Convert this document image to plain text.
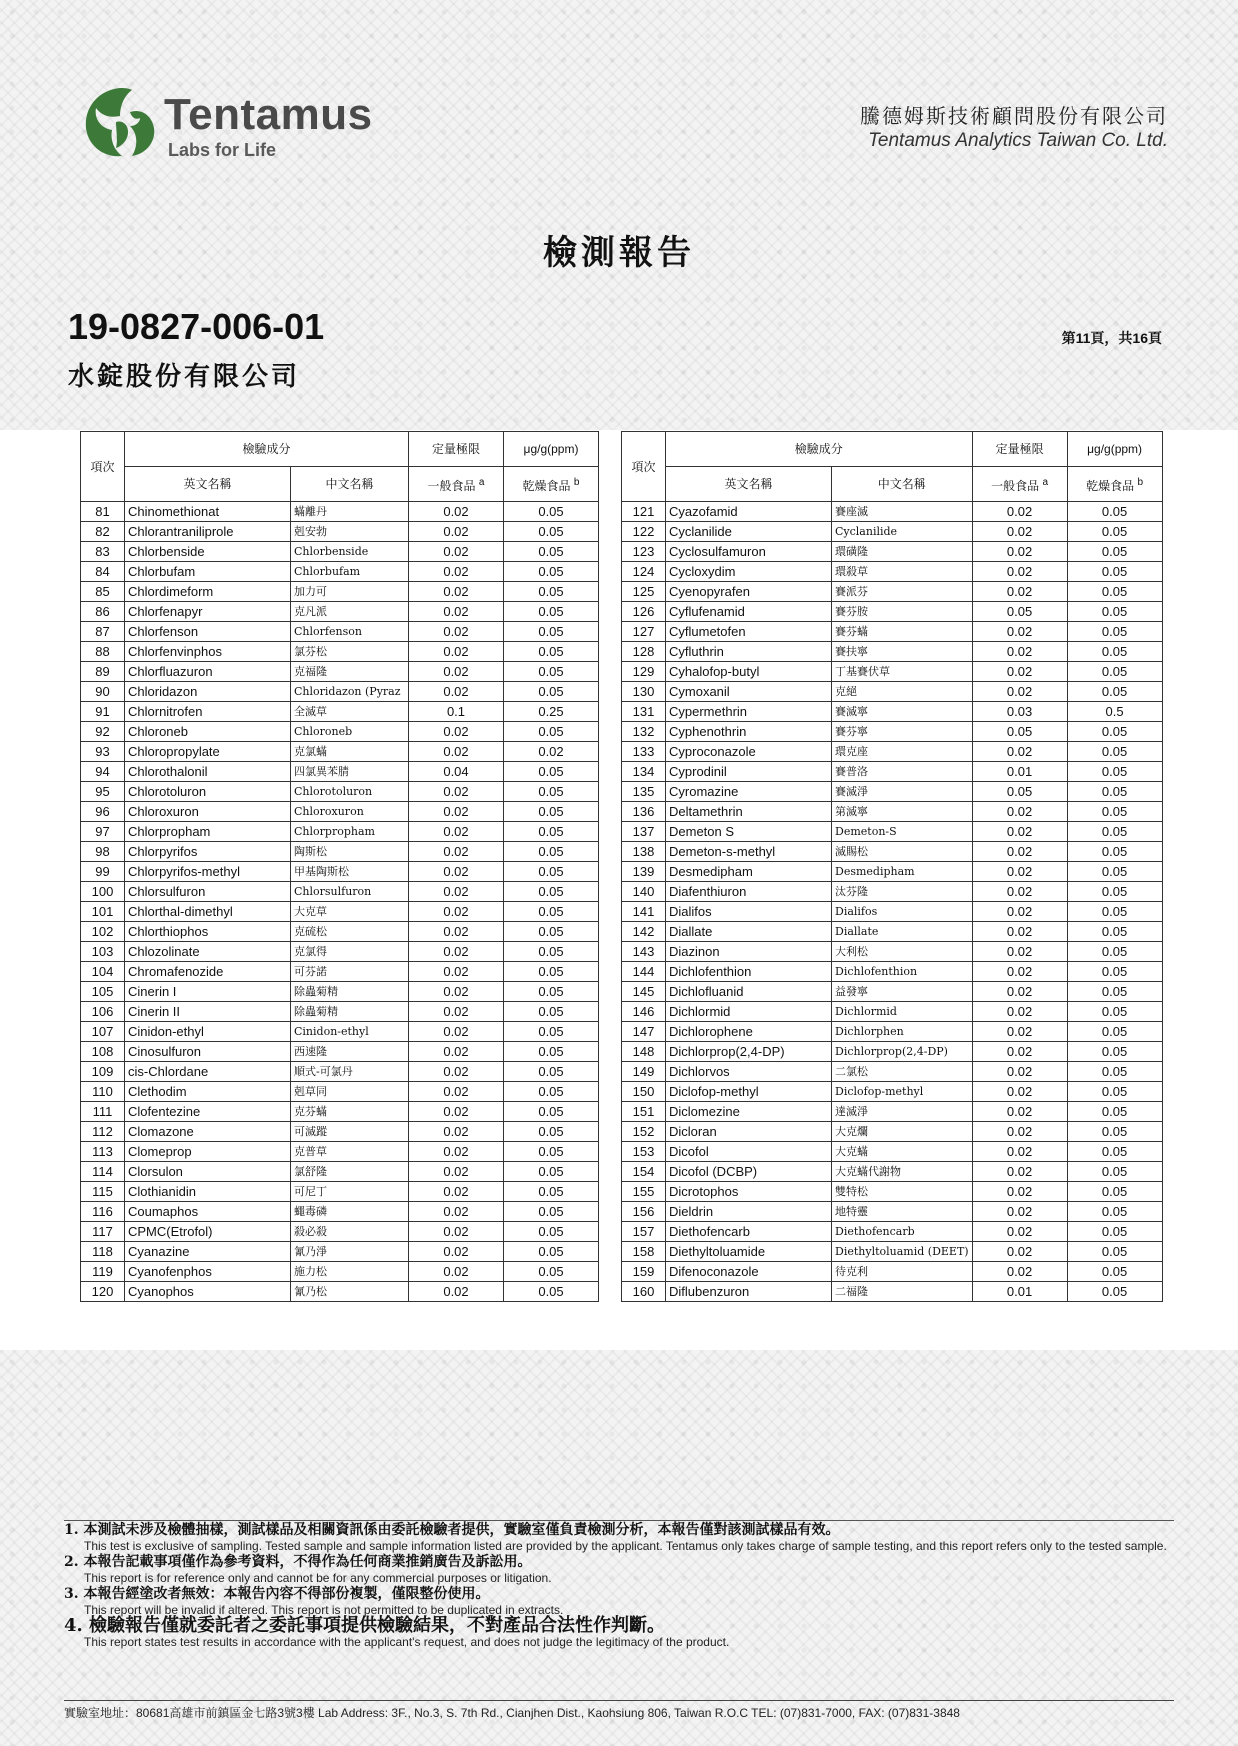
Tentamus
Labs for Life
騰德姆斯技術顧問股份有限公司
Tentamus Analytics Taiwan Co. Ltd.
檢測報告
19-0827-006-01
水錠股份有限公司
第11頁，共16頁
項次	檢驗成分		定量極限	μg/g(ppm)
	英文名稱	中文名稱	一般食品 $^a$	乾燥食品 $^b$
81	Chinomethionat	蟎離丹	0.02	0.05
82	Chlorantraniliprole	剋安勃	0.02	0.05
83	Chlorbenside	Chlorbenside	0.02	0.05
84	Chlorbufam	Chlorbufam	0.02	0.05
85	Chlordimeform	加力可	0.02	0.05
86	Chlorfenapyr	克凡派	0.02	0.05
87	Chlorfenson	Chlorfenson	0.02	0.05
88	Chlorfenvinphos	氯芬松	0.02	0.05
89	Chlorfluazuron	克福隆	0.02	0.05
90	Chloridazon	Chloridazon (Pyraz	0.02	0.05
91	Chlornitrofen	全滅草	0.1	0.25
92	Chloroneb	Chloroneb	0.02	0.05
93	Chloropropylate	克氯蟎	0.02	0.02
94	Chlorothalonil	四氯異苯腈	0.04	0.05
95	Chlorotoluron	Chlorotoluron	0.02	0.05
96	Chloroxuron	Chloroxuron	0.02	0.05
97	Chlorpropham	Chlorpropham	0.02	0.05
98	Chlorpyrifos	陶斯松	0.02	0.05
99	Chlorpyrifos-methyl	甲基陶斯松	0.02	0.05
100	Chlorsulfuron	Chlorsulfuron	0.02	0.05
101	Chlorthal-dimethyl	大克草	0.02	0.05
102	Chlorthiophos	克硫松	0.02	0.05
103	Chlozolinate	克氯得	0.02	0.05
104	Chromafenozide	可芬諾	0.02	0.05
105	Cinerin I	除蟲菊精	0.02	0.05
106	Cinerin II	除蟲菊精	0.02	0.05
107	Cinidon-ethyl	Cinidon-ethyl	0.02	0.05
108	Cinosulfuron	西速隆	0.02	0.05
109	cis-Chlordane	順式-可氯丹	0.02	0.05
110	Clethodim	剋草同	0.02	0.05
111	Clofentezine	克芬蟎	0.02	0.05
112	Clomazone	可滅蹤	0.02	0.05
113	Clomeprop	克普草	0.02	0.05
114	Clorsulon	氯舒隆	0.02	0.05
115	Clothianidin	可尼丁	0.02	0.05
116	Coumaphos	蠅毒磷	0.02	0.05
117	CPMC(Etrofol)	殺必殺	0.02	0.05
118	Cyanazine	氰乃淨	0.02	0.05
119	Cyanofenphos	施力松	0.02	0.05
120	Cyanophos	氰乃松	0.02	0.05
項次	檢驗成分		定量極限	μg/g(ppm)
	英文名稱	中文名稱	一般食品 $^a$	乾燥食品 $^b$
121	Cyazofamid	賽座滅	0.02	0.05
122	Cyclanilide	Cyclanilide	0.02	0.05
123	Cyclosulfamuron	環磺隆	0.02	0.05
124	Cycloxydim	環殺草	0.02	0.05
125	Cyenopyrafen	賽派芬	0.02	0.05
126	Cyflufenamid	賽芬胺	0.05	0.05
127	Cyflumetofen	賽芬蟎	0.02	0.05
128	Cyfluthrin	賽扶寧	0.02	0.05
129	Cyhalofop-butyl	丁基賽伏草	0.02	0.05
130	Cymoxanil	克絕	0.02	0.05
131	Cypermethrin	賽滅寧	0.03	0.5
132	Cyphenothrin	賽芬寧	0.05	0.05
133	Cyproconazole	環克座	0.02	0.05
134	Cyprodinil	賽普洛	0.01	0.05
135	Cyromazine	賽滅淨	0.05	0.05
136	Deltamethrin	第滅寧	0.02	0.05
137	Demeton S	Demeton-S	0.02	0.05
138	Demeton-s-methyl	滅賜松	0.02	0.05
139	Desmedipham	Desmedipham	0.02	0.05
140	Diafenthiuron	汰芬隆	0.02	0.05
141	Dialifos	Dialifos	0.02	0.05
142	Diallate	Diallate	0.02	0.05
143	Diazinon	大利松	0.02	0.05
144	Dichlofenthion	Dichlofenthion	0.02	0.05
145	Dichlofluanid	益發寧	0.02	0.05
146	Dichlormid	Dichlormid	0.02	0.05
147	Dichlorophene	Dichlorphen	0.02	0.05
148	Dichlorprop(2,4-DP)	Dichlorprop(2,4-DP)	0.02	0.05
149	Dichlorvos	二氯松	0.02	0.05
150	Diclofop-methyl	Diclofop-methyl	0.02	0.05
151	Diclomezine	達滅淨	0.02	0.05
152	Dicloran	大克爛	0.02	0.05
153	Dicofol	大克蟎	0.02	0.05
154	Dicofol (DCBP)	大克蟎代謝物	0.02	0.05
155	Dicrotophos	雙特松	0.02	0.05
156	Dieldrin	地特靈	0.02	0.05
157	Diethofencarb	Diethofencarb	0.02	0.05
158	Diethyltoluamide	Diethyltoluamid (DEET)	0.02	0.05
159	Difenoconazole	待克利	0.02	0.05
160	Diflubenzuron	二福隆	0.01	0.05
1. 本測試未涉及檢體抽樣，測試樣品及相關資訊係由委託檢驗者提供，實驗室僅負責檢測分析，本報告僅對該測試樣品有效。
This test is exclusive of sampling. Tested sample and sample information listed are provided by the applicant. Tentamus only takes charge of sample testing, and this report refers only to the tested sample.
2. 本報告記載事項僅作為參考資料，不得作為任何商業推銷廣告及訴訟用。
This report is for reference only and cannot be for any commercial purposes or litigation.
3. 本報告經塗改者無效：本報告內容不得部份複製，僅限整份使用。
This report will be invalid if altered. This report is not permitted to be duplicated in extracts.
4. 檢驗報告僅就委託者之委託事項提供檢驗結果，不對產品合法性作判斷。
This report states test results in accordance with the applicant's request, and does not judge the legitimacy of the product.
實驗室地址：80681高雄市前鎮區金七路3號3樓 Lab Address: 3F., No.3, S. 7th Rd., Cianjhen Dist., Kaohsiung 806, Taiwan R.O.C TEL: (07)831-7000, FAX: (07)831-3848
